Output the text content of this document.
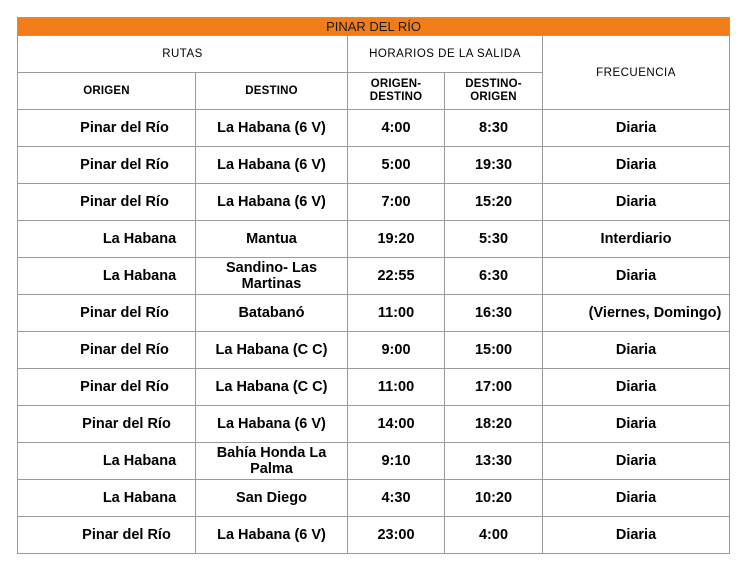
PINAR DEL RÍO				
RUTAS		HORARIOS DE LA SALIDA		FRECUENCIA
ORIGEN	DESTINO	ORIGEN- DESTINO	DESTINO- ORIGEN	
Pinar del Río	La Habana (6 V)	4:00	8:30	Diaria
Pinar del Río	La Habana (6 V)	5:00	19:30	Diaria
Pinar del Río	La Habana (6 V)	7:00	15:20	Diaria
La Habana	Mantua	19:20	5:30	Interdiario
La Habana	Sandino- Las Martinas	22:55	6:30	Diaria
Pinar del Río	Batabanó	11:00	16:30	(Viernes, Domingo)
Pinar del Río	La Habana (C C)	9:00	15:00	Diaria
Pinar del Río	La Habana (C C)	11:00	17:00	Diaria
Pinar del Río	La Habana (6 V)	14:00	18:20	Diaria
La Habana	Bahía Honda La Palma	9:10	13:30	Diaria
La Habana	San Diego	4:30	10:20	Diaria
Pinar del Río	La Habana (6 V)	23:00	4:00	Diaria
